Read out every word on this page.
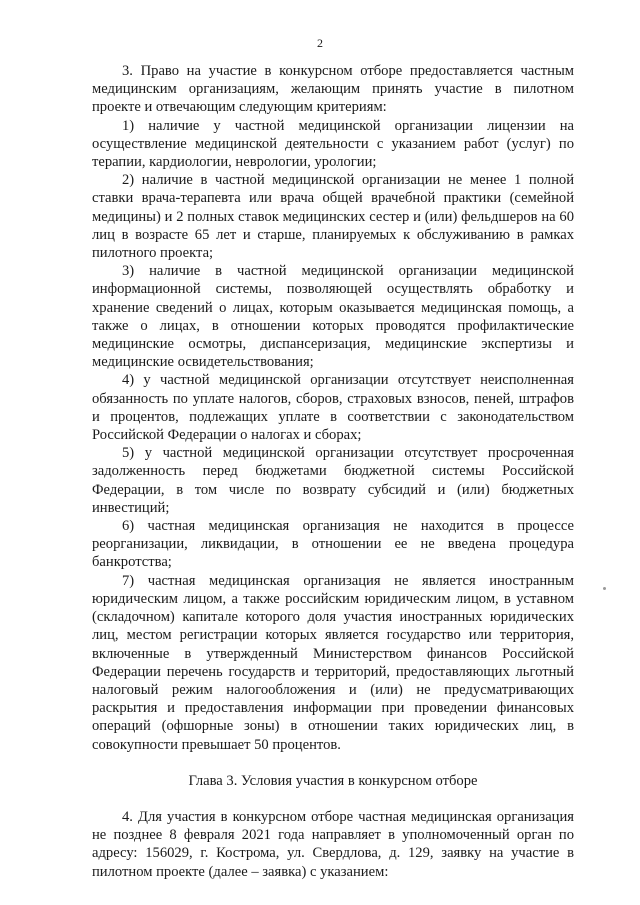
2

3. Право на участие в конкурсном отборе предоставляется частным медицинским организациям, желающим принять участие в пилотном проекте и отвечающим следующим критериям:

1) наличие у частной медицинской организации лицензии на осуществление медицинской деятельности с указанием работ (услуг) по терапии, кардиологии, неврологии, урологии;

2) наличие в частной медицинской организации не менее 1 полной ставки врача-терапевта или врача общей врачебной практики (семейной медицины) и 2 полных ставок медицинских сестер и (или) фельдшеров на 60 лиц в возрасте 65 лет и старше, планируемых к обслуживанию в рамках пилотного проекта;

3) наличие в частной медицинской организации медицинской информационной системы, позволяющей осуществлять обработку и хранение сведений о лицах, которым оказывается медицинская помощь, а также о лицах, в отношении которых проводятся профилактические медицинские осмотры, диспансеризация, медицинские экспертизы и медицинские освидетельствования;

4) у частной медицинской организации отсутствует неисполненная обязанность по уплате налогов, сборов, страховых взносов, пеней, штрафов и процентов, подлежащих уплате в соответствии с законодательством Российской Федерации о налогах и сборах;

5) у частной медицинской организации отсутствует просроченная задолженность перед бюджетами бюджетной системы Российской Федерации, в том числе по возврату субсидий и (или) бюджетных инвестиций;

6) частная медицинская организация не находится в процессе реорганизации, ликвидации, в отношении ее не введена процедура банкротства;

7) частная медицинская организация не является иностранным юридическим лицом, а также российским юридическим лицом, в уставном (складочном) капитале которого доля участия иностранных юридических лиц, местом регистрации которых является государство или территория, включенные в утвержденный Министерством финансов Российской Федерации перечень государств и территорий, предоставляющих льготный налоговый режим налогообложения и (или) не предусматривающих раскрытия и предоставления информации при проведении финансовых операций (офшорные зоны) в отношении таких юридических лиц, в совокупности превышает 50 процентов.

Глава 3. Условия участия в конкурсном отборе

4. Для участия в конкурсном отборе частная медицинская организация не позднее 8 февраля 2021 года направляет в уполномоченный орган по адресу: 156029, г. Кострома, ул. Свердлова, д. 129, заявку на участие в пилотном проекте (далее – заявка) с указанием:
